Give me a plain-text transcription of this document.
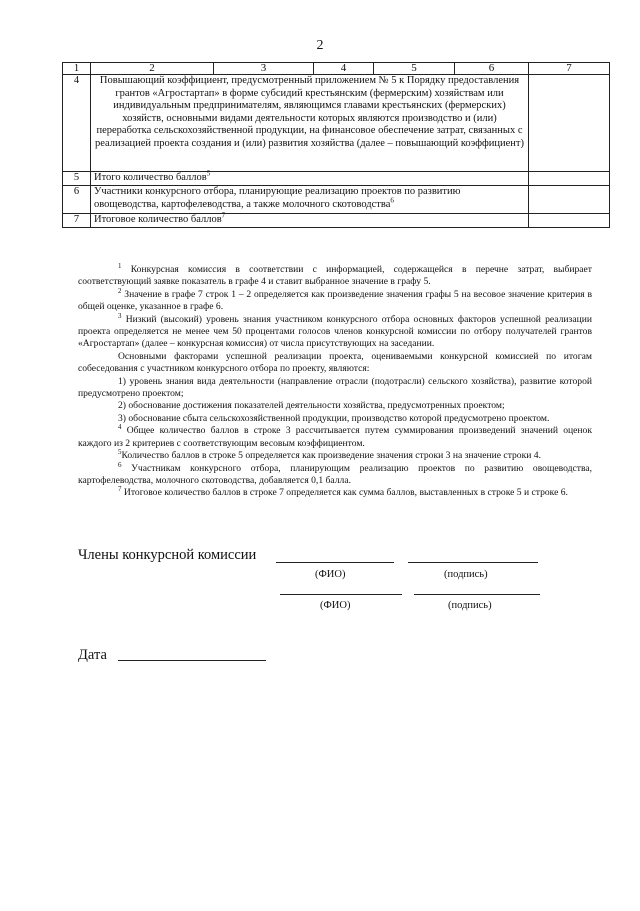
2
1	2	3	4	5	6	7
4	Повышающий коэффициент, предусмотренный приложением № 5 к Порядку предоставления грантов «Агростартап» в форме субсидий крестьянским (фермерским) хозяйствам или индивидуальным предпринимателям, являющимся главами крестьянских (фермерских) хозяйств, основными видами деятельности которых являются производство и (или) переработка сельскохозяйственной продукции, на финансовое обеспечение затрат, связанных с реализацией проекта создания и (или) развития хозяйства (далее – повышающий коэффициент)					
5	Итого количество баллов$^5$	
6	Участники конкурсного отбора, планирующие реализацию проектов по развитию овощеводства, картофелеводства, а также молочного скотоводства$^6$	
7	Итоговое количество баллов$^7$	

$^1$ Конкурсная комиссия в соответствии с информацией, содержащейся в перечне затрат, выбирает соответствующий заявке показатель в графе 4 и ставит выбранное значение в графу 5.

$^2$ Значение в графе 7 строк 1 – 2 определяется как произведение значения графы 5 на весовое значение критерия в общей оценке, указанное в графе 6.

$^3$ Низкий (высокий) уровень знания участником конкурсного отбора основных факторов успешной реализации проекта определяется не менее чем 50 процентами голосов членов конкурсной комиссии по отбору получателей грантов «Агростартап» (далее – конкурсная комиссия) от числа присутствующих на заседании.

Основными факторами успешной реализации проекта, оцениваемыми конкурсной комиссией по итогам собеседования с участником конкурсного отбора по проекту, являются:

1) уровень знания вида деятельности (направление отрасли (подотрасли) сельского хозяйства), развитие которой предусмотрено проектом;

2) обоснование достижения показателей деятельности хозяйства, предусмотренных проектом;

3) обоснование сбыта сельскохозяйственной продукции, производство которой предусмотрено проектом.

$^4$ Общее количество баллов в строке 3 рассчитывается путем суммирования произведений значений оценок каждого из 2 критериев с соответствующим весовым коэффициентом.

$^5$Количество баллов в строке 5 определяется как произведение значения строки 3 на значение строки 4.

$^6$ Участникам конкурсного отбора, планирующим реализацию проектов по развитию овощеводства, картофелеводства, молочного скотоводства, добавляется 0,1 балла.

$^7$ Итоговое количество баллов в строке 7 определяется как сумма баллов, выставленных в строке 5 и строке 6.

Члены конкурсной комиссии
(ФИО)	(подпись)
(ФИО)	(подпись)
Дата
